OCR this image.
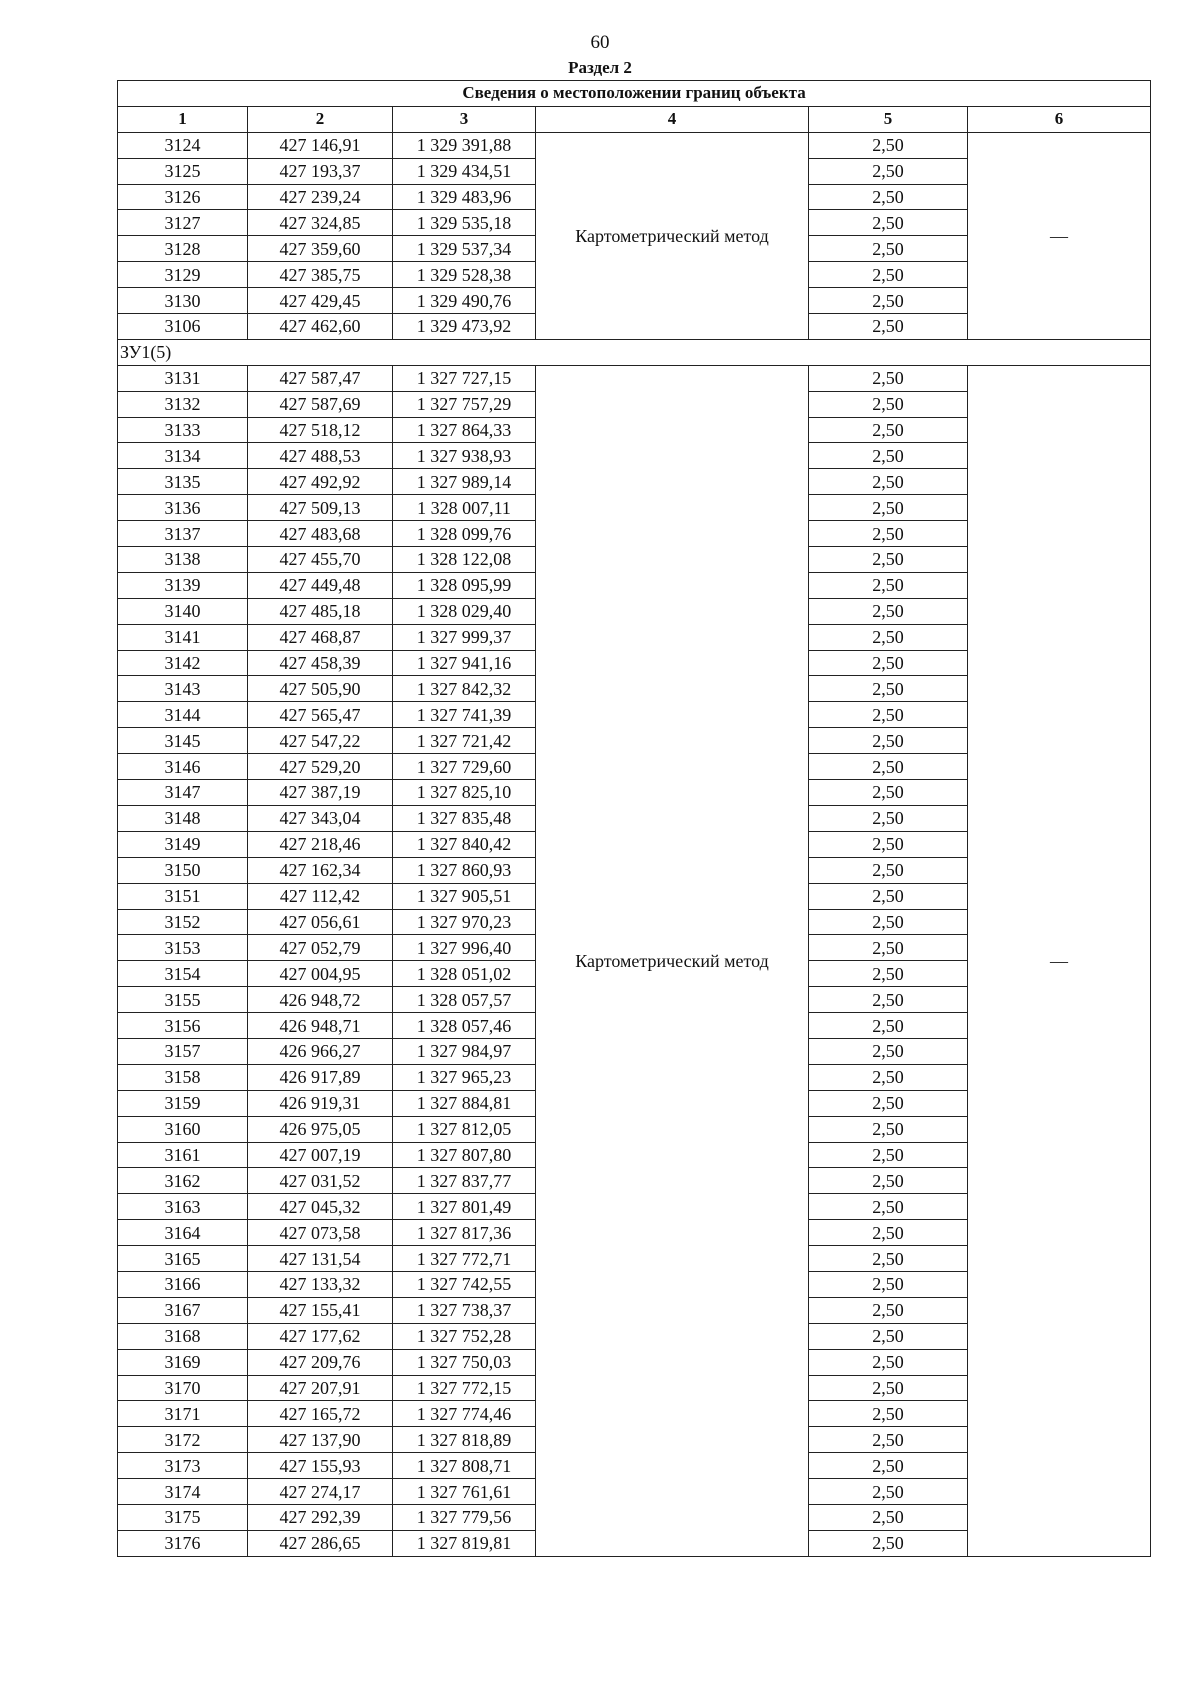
60
Раздел 2
Сведения о местоположении границ объекта					
1	2	3	4	5	6
3124	427 146,91	1 329 391,88	Картометрический метод	2,50	—
3125	427 193,37	1 329 434,51		2,50	
3126	427 239,24	1 329 483,96		2,50	
3127	427 324,85	1 329 535,18		2,50	
3128	427 359,60	1 329 537,34		2,50	
3129	427 385,75	1 329 528,38		2,50	
3130	427 429,45	1 329 490,76		2,50	
3106	427 462,60	1 329 473,92		2,50	
ЗУ1(5)					
3131	427 587,47	1 327 727,15	Картометрический метод	2,50	—
3132	427 587,69	1 327 757,29		2,50	
3133	427 518,12	1 327 864,33		2,50	
3134	427 488,53	1 327 938,93		2,50	
3135	427 492,92	1 327 989,14		2,50	
3136	427 509,13	1 328 007,11		2,50	
3137	427 483,68	1 328 099,76		2,50	
3138	427 455,70	1 328 122,08		2,50	
3139	427 449,48	1 328 095,99		2,50	
3140	427 485,18	1 328 029,40		2,50	
3141	427 468,87	1 327 999,37		2,50	
3142	427 458,39	1 327 941,16		2,50	
3143	427 505,90	1 327 842,32		2,50	
3144	427 565,47	1 327 741,39		2,50	
3145	427 547,22	1 327 721,42		2,50	
3146	427 529,20	1 327 729,60		2,50	
3147	427 387,19	1 327 825,10		2,50	
3148	427 343,04	1 327 835,48		2,50	
3149	427 218,46	1 327 840,42		2,50	
3150	427 162,34	1 327 860,93		2,50	
3151	427 112,42	1 327 905,51		2,50	
3152	427 056,61	1 327 970,23		2,50	
3153	427 052,79	1 327 996,40		2,50	
3154	427 004,95	1 328 051,02		2,50	
3155	426 948,72	1 328 057,57		2,50	
3156	426 948,71	1 328 057,46		2,50	
3157	426 966,27	1 327 984,97		2,50	
3158	426 917,89	1 327 965,23		2,50	
3159	426 919,31	1 327 884,81		2,50	
3160	426 975,05	1 327 812,05		2,50	
3161	427 007,19	1 327 807,80		2,50	
3162	427 031,52	1 327 837,77		2,50	
3163	427 045,32	1 327 801,49		2,50	
3164	427 073,58	1 327 817,36		2,50	
3165	427 131,54	1 327 772,71		2,50	
3166	427 133,32	1 327 742,55		2,50	
3167	427 155,41	1 327 738,37		2,50	
3168	427 177,62	1 327 752,28		2,50	
3169	427 209,76	1 327 750,03		2,50	
3170	427 207,91	1 327 772,15		2,50	
3171	427 165,72	1 327 774,46		2,50	
3172	427 137,90	1 327 818,89		2,50	
3173	427 155,93	1 327 808,71		2,50	
3174	427 274,17	1 327 761,61		2,50	
3175	427 292,39	1 327 779,56		2,50	
3176	427 286,65	1 327 819,81		2,50	
